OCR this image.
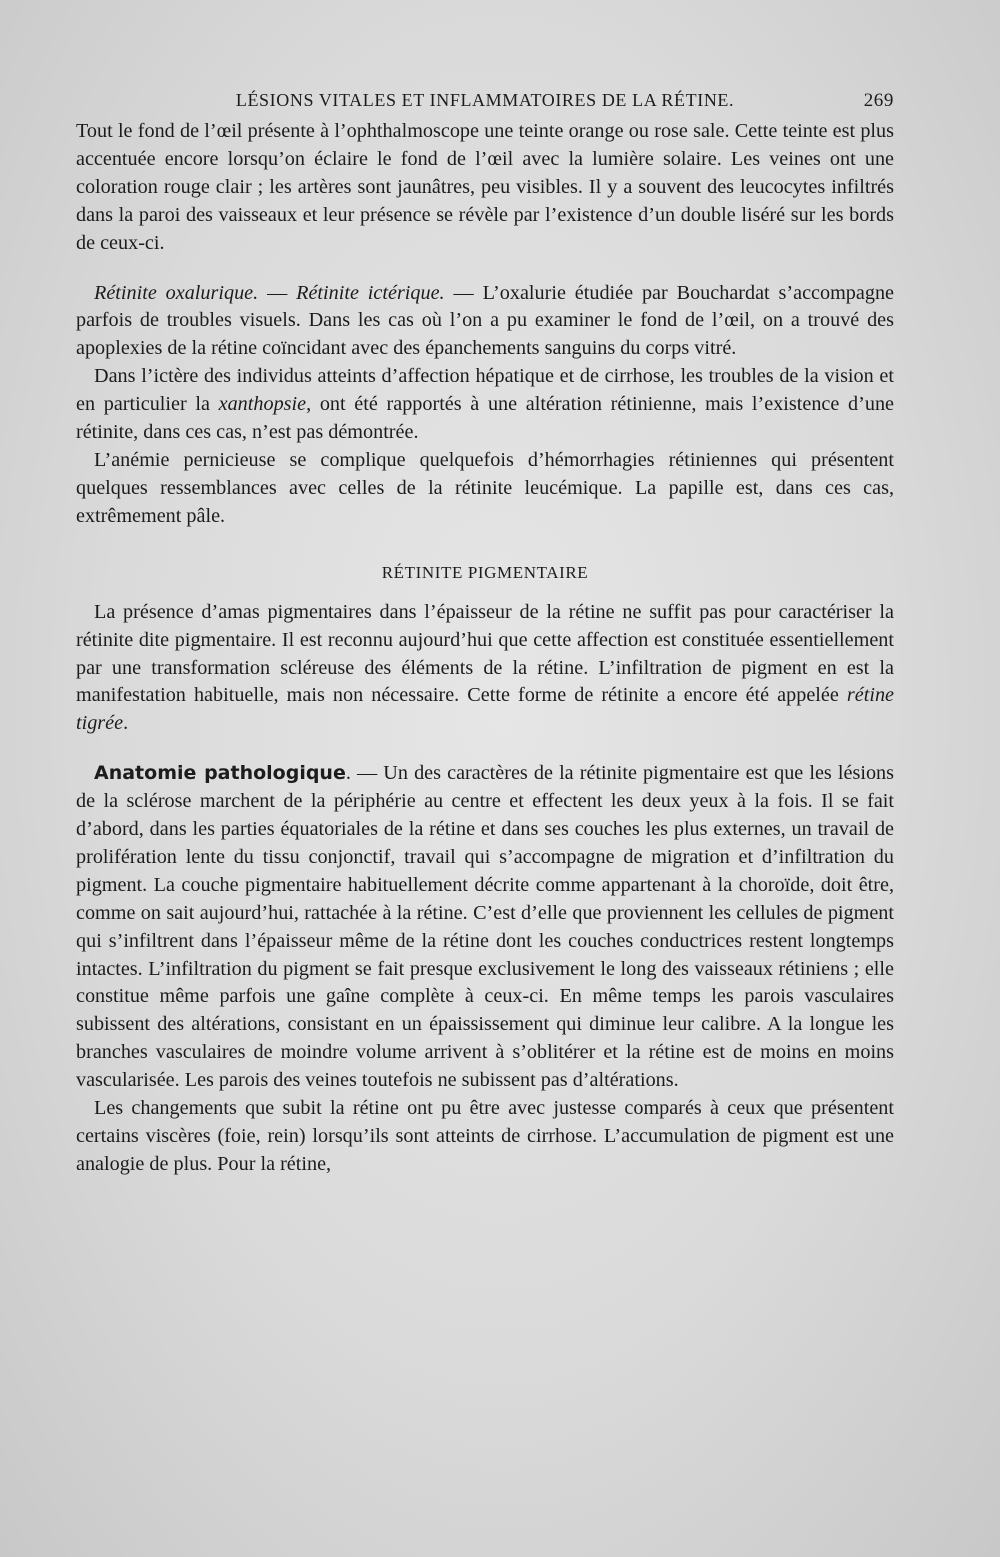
LÉSIONS VITALES ET INFLAMMATOIRES DE LA RÉTINE.	269

Tout le fond de l’œil présente à l’ophthalmoscope une teinte orange ou rose sale. Cette teinte est plus accentuée encore lorsqu’on éclaire le fond de l’œil avec la lumière solaire. Les veines ont une coloration rouge clair ; les artères sont jaunâtres, peu visibles. Il y a souvent des leucocytes infiltrés dans la paroi des vaisseaux et leur présence se révèle par l’existence d’un double liséré sur les bords de ceux-ci.

Rétinite oxalurique. — Rétinite ictérique. — L’oxalurie étudiée par Bouchardat s’accompagne parfois de troubles visuels. Dans les cas où l’on a pu examiner le fond de l’œil, on a trouvé des apoplexies de la rétine coïncidant avec des épanchements sanguins du corps vitré.

Dans l’ictère des individus atteints d’affection hépatique et de cirrhose, les troubles de la vision et en particulier la xanthopsie, ont été rapportés à une altération rétinienne, mais l’existence d’une rétinite, dans ces cas, n’est pas démontrée.

L’anémie pernicieuse se complique quelquefois d’hémorrhagies rétiniennes qui présentent quelques ressemblances avec celles de la rétinite leucémique. La papille est, dans ces cas, extrêmement pâle.

RÉTINITE PIGMENTAIRE

La présence d’amas pigmentaires dans l’épaisseur de la rétine ne suffit pas pour caractériser la rétinite dite pigmentaire. Il est reconnu aujourd’hui que cette affection est constituée essentiellement par une transformation scléreuse des éléments de la rétine. L’infiltration de pigment en est la manifestation habituelle, mais non nécessaire. Cette forme de rétinite a encore été appelée rétine tigrée.

Anatomie pathologique. — Un des caractères de la rétinite pigmentaire est que les lésions de la sclérose marchent de la périphérie au centre et effectent les deux yeux à la fois. Il se fait d’abord, dans les parties équatoriales de la rétine et dans ses couches les plus externes, un travail de prolifération lente du tissu conjonctif, travail qui s’accompagne de migration et d’infiltration du pigment. La couche pigmentaire habituellement décrite comme appartenant à la choroïde, doit être, comme on sait aujourd’hui, rattachée à la rétine. C’est d’elle que proviennent les cellules de pigment qui s’infiltrent dans l’épaisseur même de la rétine dont les couches conductrices restent longtemps intactes. L’infiltration du pigment se fait presque exclusivement le long des vaisseaux rétiniens ; elle constitue même parfois une gaîne complète à ceux-ci. En même temps les parois vasculaires subissent des altérations, consistant en un épaississement qui diminue leur calibre. A la longue les branches vasculaires de moindre volume arrivent à s’oblitérer et la rétine est de moins en moins vascularisée. Les parois des veines toutefois ne subissent pas d’altérations.

Les changements que subit la rétine ont pu être avec justesse comparés à ceux que présentent certains viscères (foie, rein) lorsqu’ils sont atteints de cirrhose. L’accumulation de pigment est une analogie de plus. Pour la rétine,
